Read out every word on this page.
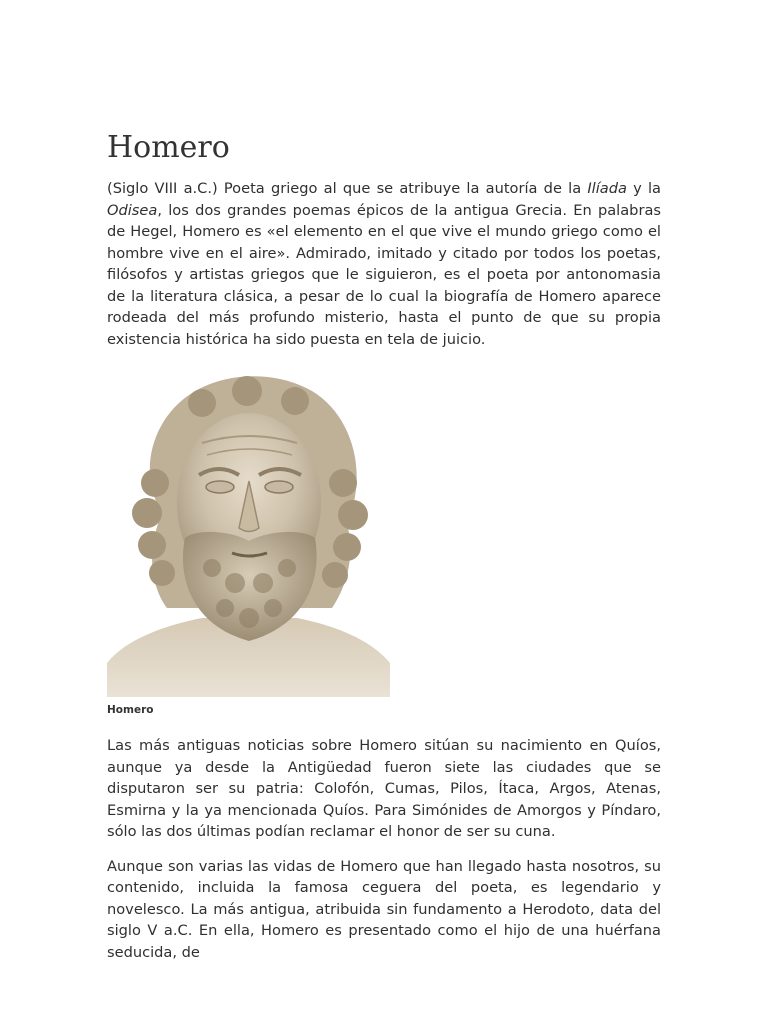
Homero

(Siglo VIII a.C.) Poeta griego al que se atribuye la autoría de la Ilíada y la Odisea, los dos grandes poemas épicos de la antigua Grecia. En palabras de Hegel, Homero es «el elemento en el que vive el mundo griego como el hombre vive en el aire». Admirado, imitado y citado por todos los poetas, filósofos y artistas griegos que le siguieron, es el poeta por antonomasia de la literatura clásica, a pesar de lo cual la biografía de Homero aparece rodeada del más profundo misterio, hasta el punto de que su propia existencia histórica ha sido puesta en tela de juicio.

Homero

Las más antiguas noticias sobre Homero sitúan su nacimiento en Quíos, aunque ya desde la Antigüedad fueron siete las ciudades que se disputaron ser su patria: Colofón, Cumas, Pilos, Ítaca, Argos, Atenas, Esmirna y la ya mencionada Quíos. Para Simónides de Amorgos y Píndaro, sólo las dos últimas podían reclamar el honor de ser su cuna.

Aunque son varias las vidas de Homero que han llegado hasta nosotros, su contenido, incluida la famosa ceguera del poeta, es legendario y novelesco. La más antigua, atribuida sin fundamento a Herodoto, data del siglo V a.C. En ella, Homero es presentado como el hijo de una huérfana seducida, de
